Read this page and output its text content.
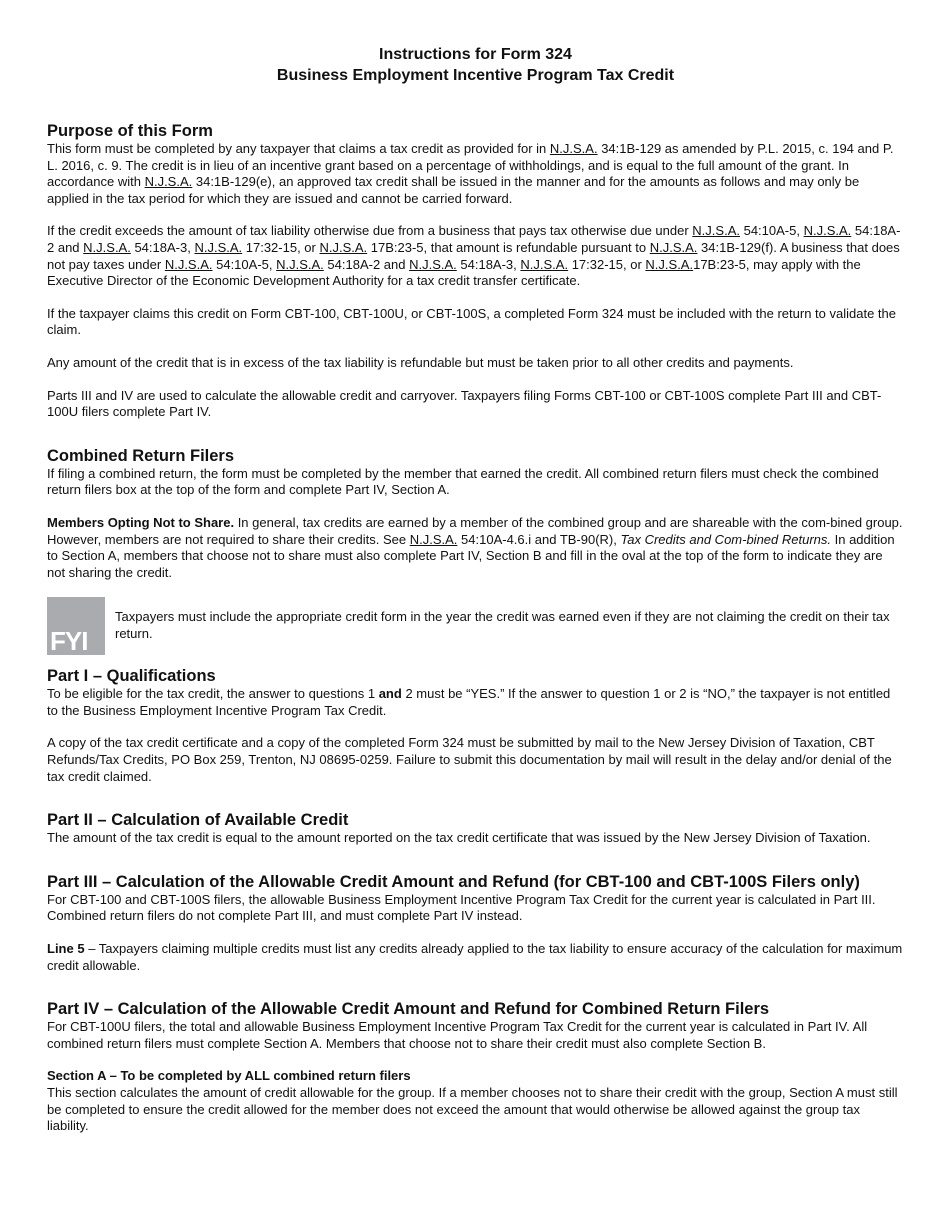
Instructions for Form 324

Business Employment Incentive Program Tax Credit

Purpose of this Form

This form must be completed by any taxpayer that claims a tax credit as provided for in N.J.S.A. 34:1B-129 as amended by P.L. 2015, c. 194 and P. L. 2016, c. 9. The credit is in lieu of an incentive grant based on a percentage of withholdings, and is equal to the full amount of the grant. In accordance with N.J.S.A. 34:1B-129(e), an approved tax credit shall be issued in the manner and for the amounts as follows and may only be applied in the tax period for which they are issued and cannot be carried forward.

If the credit exceeds the amount of tax liability otherwise due from a business that pays tax otherwise due under N.J.S.A. 54:10A-5, N.J.S.A. 54:18A-2 and N.J.S.A. 54:18A-3, N.J.S.A. 17:32-15, or N.J.S.A. 17B:23-5, that amount is refundable pursuant to N.J.S.A. 34:1B-129(f). A business that does not pay taxes under N.J.S.A. 54:10A-5, N.J.S.A. 54:18A-2 and N.J.S.A. 54:18A-3, N.J.S.A. 17:32-15, or N.J.S.A.17B:23-5, may apply with the Executive Director of the Economic Development Authority for a tax credit transfer certificate.

If the taxpayer claims this credit on Form CBT-100, CBT-100U, or CBT-100S, a completed Form 324 must be included with the return to validate the claim.

Any amount of the credit that is in excess of the tax liability is refundable but must be taken prior to all other credits and payments.

Parts III and IV are used to calculate the allowable credit and carryover. Taxpayers filing Forms CBT-100 or CBT-100S complete Part III and CBT-100U filers complete Part IV.

Combined Return Filers

If filing a combined return, the form must be completed by the member that earned the credit. All combined return filers must check the combined return filers box at the top of the form and complete Part IV, Section A.

Members Opting Not to Share. In general, tax credits are earned by a member of the combined group and are shareable with the com-bined group. However, members are not required to share their credits. See N.J.S.A. 54:10A-4.6.i and TB-90(R), Tax Credits and Com-bined Returns. In addition to Section A, members that choose not to share must also complete Part IV, Section B and fill in the oval at the top of the form to indicate they are not sharing the credit.

FYI

Taxpayers must include the appropriate credit form in the year the credit was earned even if they are not claiming the credit on their tax return.

Part I – Qualifications

To be eligible for the tax credit, the answer to questions 1 and 2 must be “YES.” If the answer to question 1 or 2 is “NO,” the taxpayer is not entitled to the Business Employment Incentive Program Tax Credit.

A copy of the tax credit certificate and a copy of the completed Form 324 must be submitted by mail to the New Jersey Division of Taxation, CBT Refunds/Tax Credits, PO Box 259, Trenton, NJ 08695-0259. Failure to submit this documentation by mail will result in the delay and/or denial of the tax credit claimed.

Part II – Calculation of Available Credit

The amount of the tax credit is equal to the amount reported on the tax credit certificate that was issued by the New Jersey Division of Taxation.

Part III – Calculation of the Allowable Credit Amount and Refund (for CBT-100 and CBT-100S Filers only)

For CBT-100 and CBT-100S filers, the allowable Business Employment Incentive Program Tax Credit for the current year is calculated in Part III. Combined return filers do not complete Part III, and must complete Part IV instead.

Line 5 – Taxpayers claiming multiple credits must list any credits already applied to the tax liability to ensure accuracy of the calculation for maximum credit allowable.

Part IV – Calculation of the Allowable Credit Amount and Refund for Combined Return Filers

For CBT-100U filers, the total and allowable Business Employment Incentive Program Tax Credit for the current year is calculated in Part IV. All combined return filers must complete Section A. Members that choose not to share their credit must also complete Section B.

Section A – To be completed by ALL combined return filers

This section calculates the amount of credit allowable for the group. If a member chooses not to share their credit with the group, Section A must still be completed to ensure the credit allowed for the member does not exceed the amount that would otherwise be allowed against the group tax liability.
